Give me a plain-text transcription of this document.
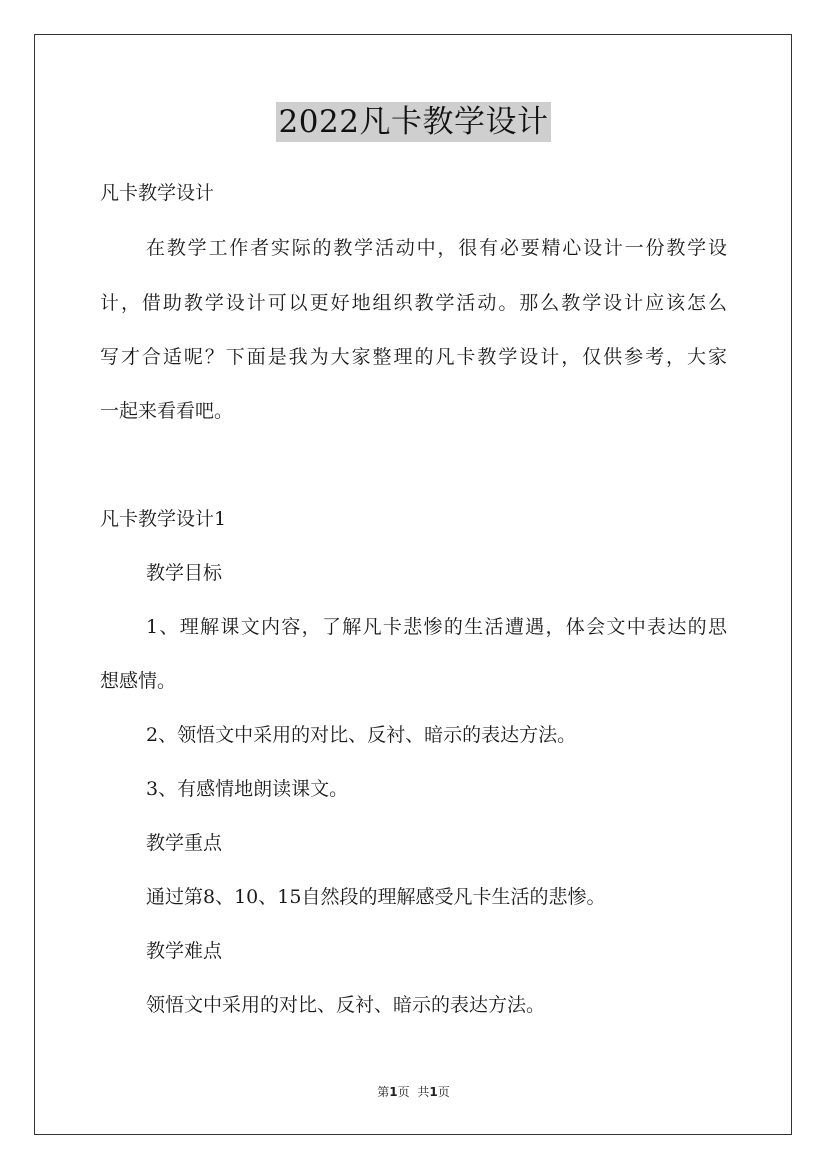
2022凡卡教学设计
凡卡教学设计
在教学工作者实际的教学活动中，很有必要精心设计一份教学设
计，借助教学设计可以更好地组织教学活动。那么教学设计应该怎么
写才合适呢？下面是我为大家整理的凡卡教学设计，仅供参考，大家
一起来看看吧。
凡卡教学设计1
教学目标
1、理解课文内容，了解凡卡悲惨的生活遭遇，体会文中表达的思
想感情。
2、领悟文中采用的对比、反衬、暗示的表达方法。
3、有感情地朗读课文。
教学重点
通过第8、10、15自然段的理解感受凡卡生活的悲惨。
教学难点
领悟文中采用的对比、反衬、暗示的表达方法。
第1页 共1页
